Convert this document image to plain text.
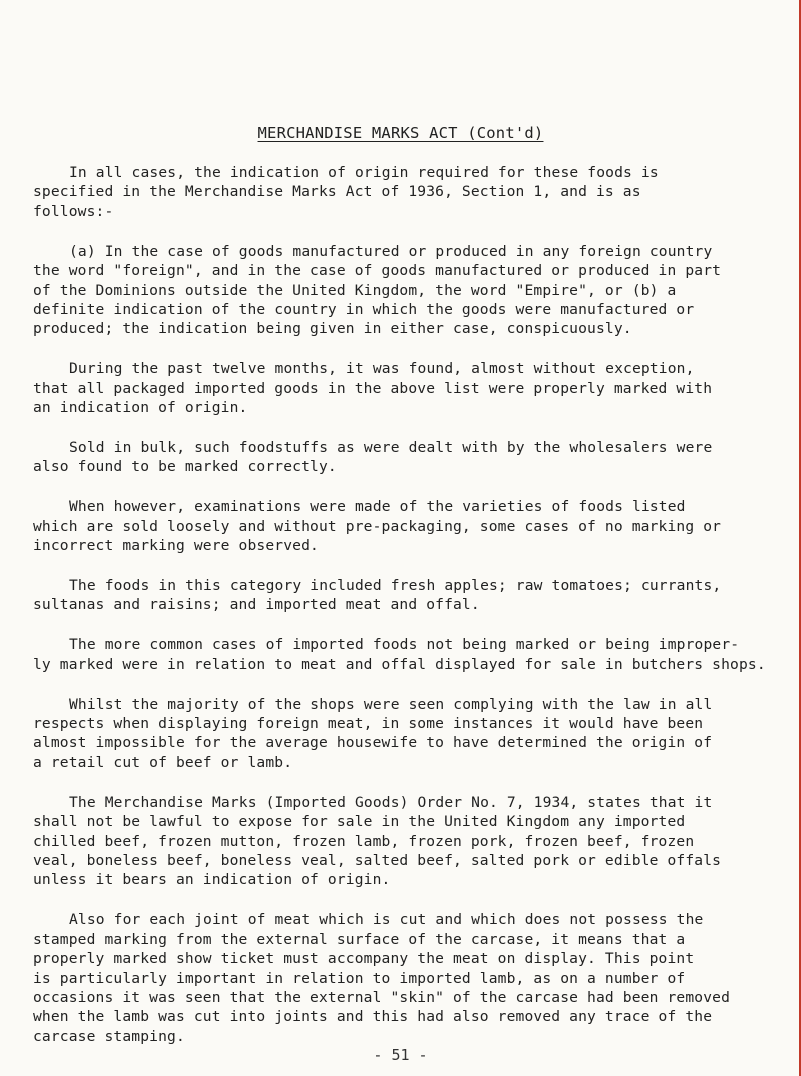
MERCHANDISE MARKS ACT (Cont'd)

In all cases, the indication of origin required for these foods is
specified in the Merchandise Marks Act of 1936, Section 1, and is as
follows:-

(a) In the case of goods manufactured or produced in any foreign country
the word "foreign", and in the case of goods manufactured or produced in part
of the Dominions outside the United Kingdom, the word "Empire", or (b) a
definite indication of the country in which the goods were manufactured or
produced; the indication being given in either case, conspicuously.

During the past twelve months, it was found, almost without exception,
that all packaged imported goods in the above list were properly marked with
an indication of origin.

Sold in bulk, such foodstuffs as were dealt with by the wholesalers were
also found to be marked correctly.

When however, examinations were made of the varieties of foods listed
which are sold loosely and without pre-packaging, some cases of no marking or
incorrect marking were observed.

The foods in this category included fresh apples; raw tomatoes; currants,
sultanas and raisins; and imported meat and offal.

The more common cases of imported foods not being marked or being improper-
ly marked were in relation to meat and offal displayed for sale in butchers shops.

Whilst the majority of the shops were seen complying with the law in all
respects when displaying foreign meat, in some instances it would have been
almost impossible for the average housewife to have determined the origin of
a retail cut of beef or lamb.

The Merchandise Marks (Imported Goods) Order No. 7, 1934, states that it
shall not be lawful to expose for sale in the United Kingdom any imported
chilled beef, frozen mutton, frozen lamb, frozen pork, frozen beef, frozen
veal, boneless beef, boneless veal, salted beef, salted pork or edible offals
unless it bears an indication of origin.

Also for each joint of meat which is cut and which does not possess the
stamped marking from the external surface of the carcase, it means that a
properly marked show ticket must accompany the meat on display. This point
is particularly important in relation to imported lamb, as on a number of
occasions it was seen that the external "skin" of the carcase had been removed
when the lamb was cut into joints and this had also removed any trace of the
carcase stamping.

- 51 -
